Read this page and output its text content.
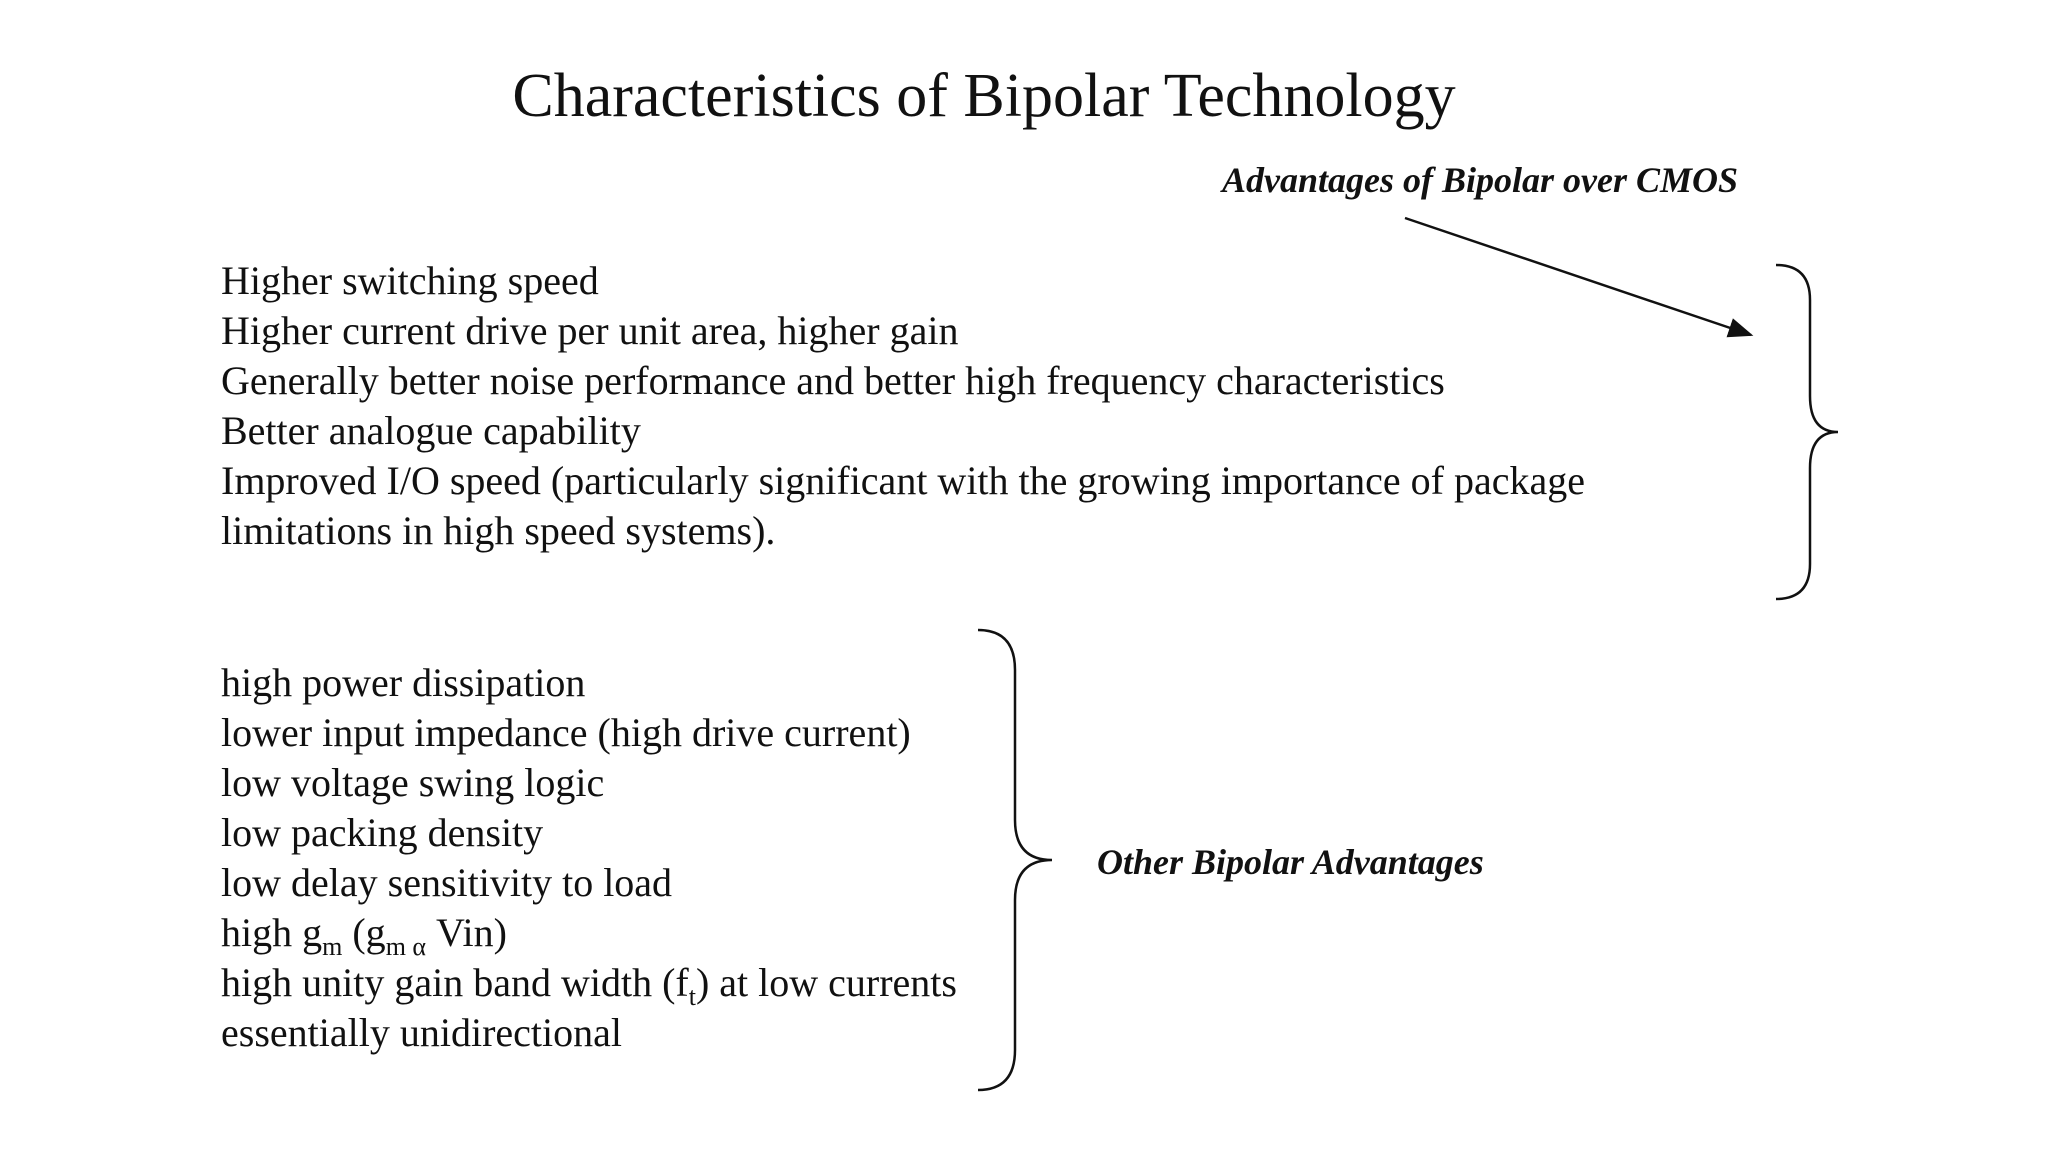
Characteristics of Bipolar Technology
Advantages of Bipolar over CMOS
Higher switching speed
Higher current drive per unit area, higher gain
Generally better noise performance and better high frequency characteristics
Better analogue capability
Improved I/O speed (particularly significant with the growing importance of package
limitations in high speed systems).
high power dissipation
lower input impedance (high drive current)
low voltage swing logic
low packing density
low delay sensitivity to load
high $g_m$ ($g_{m \alpha}$ Vin)
high unity gain band width $(f_t)$ at low currents
essentially unidirectional
Other Bipolar Advantages
